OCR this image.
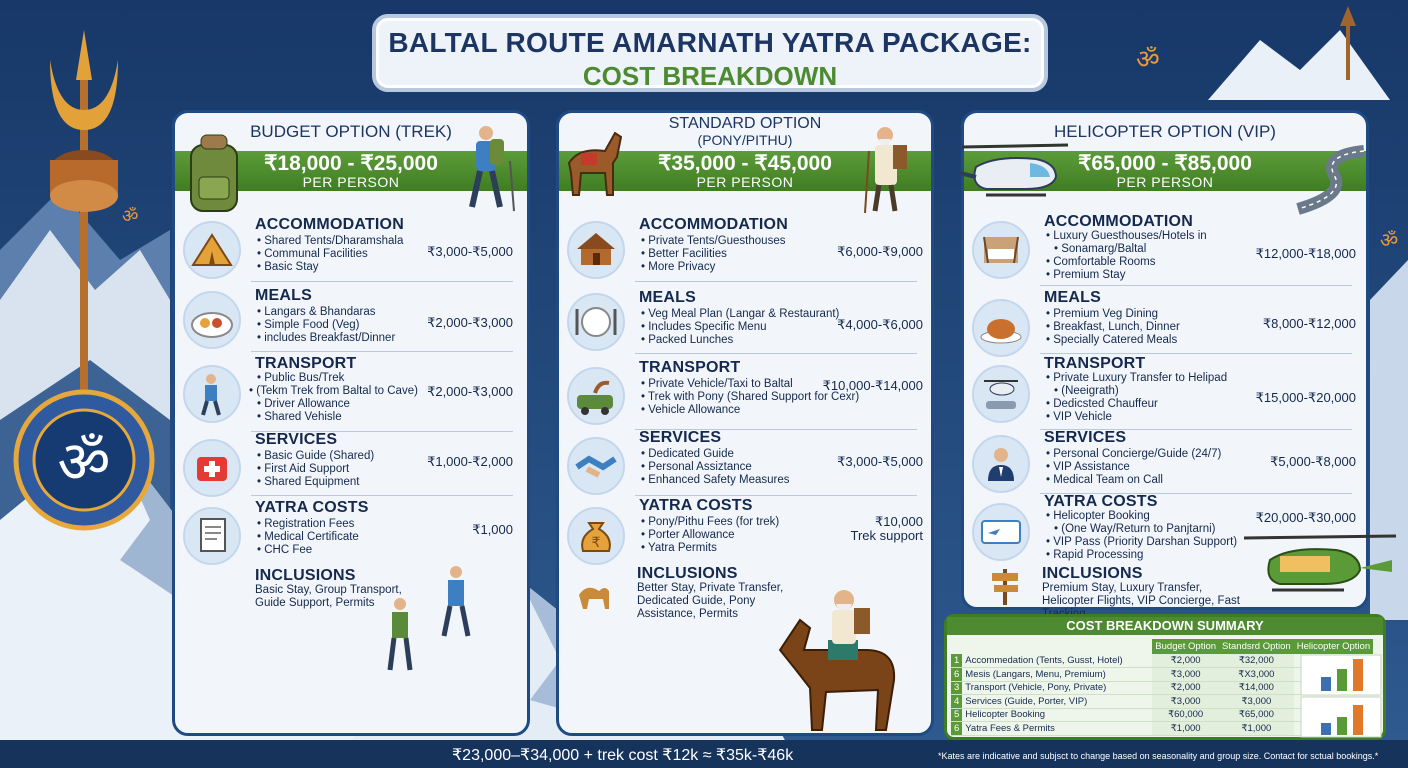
ॐ
ॐ
ॐ
ॐ
BALTAL ROUTE AMARNATH YATRA PACKAGE:
COST BREAKDOWN
BUDGET OPTION (TREK)
₹18,000 - ₹25,000
PER PERSON
ACCOMMODATION
• Shared Tents/Dharamshala
• Communal Facilities
• Basic Stay
₹3,000-₹5,000
MEALS
• Langars & Bhandaras
• Simple Food (Veg)
• includes Breakfast/Dinner
₹2,000-₹3,000
TRANSPORT
• Public Bus/Trek
• (Tekm Trek from Baltal to Cave)
• Driver Allowance
• Shared Vehisle
₹2,000-₹3,000
SERVICES
• Basic Guide (Shared)
• First Aid Support
• Shared Equipment
₹1,000-₹2,000
YATRA COSTS
• Registration Fees
• Medical Certificate
• CHC Fee
₹1,000
INCLUSIONS
Basic Stay, Group Transport, Guide Support, Permits
STANDARD OPTION
(PONY/PITHU)
₹35,000 - ₹45,000
PER PERSON
ACCOMMODATION
• Private Tents/Guesthouses
• Better Facilities
• More Privacy
₹6,000-₹9,000
MEALS
• Veg Meal Plan (Langar & Restaurant)
• Includes Specific Menu
• Packed Lunches
₹4,000-₹6,000
TRANSPORT
• Private Vehicle/Taxi to Baltal
• Trek with Pony (Shared Support for Cexr)
• Vehicle Allowance
₹10,000-₹14,000
SERVICES
• Dedicated Guide
• Personal Assiztance
• Enhanced Safety Measures
₹3,000-₹5,000
₹
YATRA COSTS
• Pony/Pithu Fees (for trek)
• Porter Allowance
• Yatra Permits
₹10,000
Trek support
INCLUSIONS
Better Stay, Private Transfer, Dedicated Guide, Pony Assistance, Permits
HELICOPTER OPTION (VIP)
₹65,000 - ₹85,000
PER PERSON
ACCOMMODATION
• Luxury Guesthouses/Hotels in
• Sonamarg/Baltal
• Comfortable Rooms
• Premium Stay
₹12,000-₹18,000
MEALS
• Premium Veg Dining
• Breakfast, Lunch, Dinner
• Specially Catered Meals
₹8,000-₹12,000
TRANSPORT
• Private Luxury Transfer to Helipad
• (Neeigrath)
• Dedicsted Chauffeur
• VIP Vehicle
₹15,000-₹20,000
SERVICES
• Personal Concierge/Guide (24/7)
• VIP Assistance
• Medical Team on Call
₹5,000-₹8,000
YATRA COSTS
• Helicopter Booking
• (One Way/Return to Panjtarni)
• VIP Pass (Priority Darshan Support)
• Rapid Processing
₹20,000-₹30,000
INCLUSIONS
Premium Stay, Luxury Transfer, Helicopter Flights, VIP Concierge, Fast
COST BREAKDOWN SUMMARY
		Budget Option	Standsrd Option	Helicopter Option
1	Accommedation (Tents, Gusst, Hotel)	₹2,000	₹32,000	
6	Mesis (Langars, Menu, Premium)	₹3,000	₹X3,000	
3	Transport (Vehicle, Pony, Private)	₹2,000	₹14,000	
4	Services (Guide, Porter, VIP)	₹3,000	₹3,000	
5	Helicopter Booking	₹60,000	₹65,000	
6	Yatra Fees & Permits	₹1,000	₹1,000	
₹23,000–₹34,000 + trek cost ₹12k ≈ ₹35k-₹46k	*Kates are indicative and subjsct to change based on seasonality and group size. Contact for sctual bookings.*
